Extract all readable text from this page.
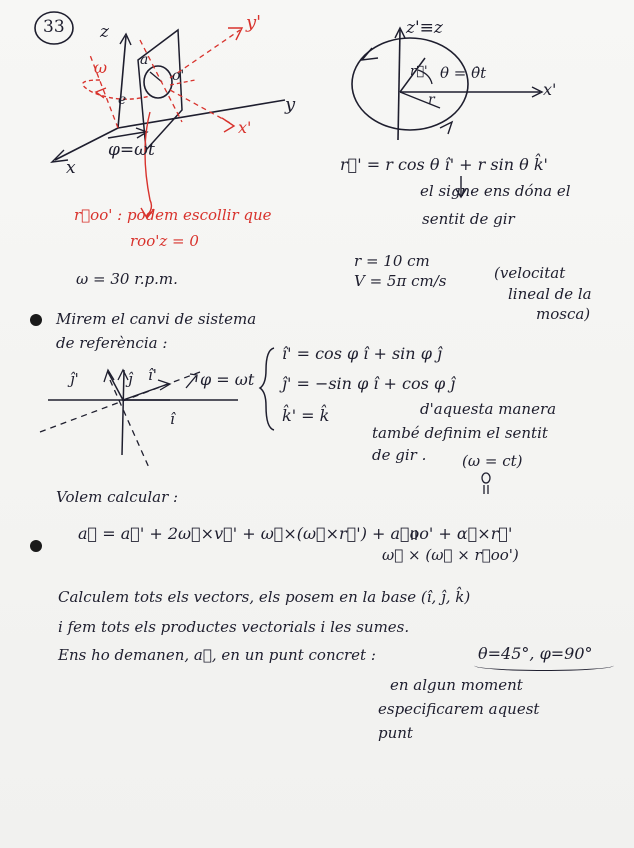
33 z
y
x
y'
x'
ω a
o'
e
φ=ωt
z'≡z
x'
r⃗' θ = θ̇t
r
r⃗' = r cos θ î' + r sin θ k̂'
r⃗oo' : podem escollir que
roo'z = 0
el signe ens dóna el
sentit de gir
ω = 30 r.p.m.
r = 10 cm
V = 5π cm/s	(velocitat
lineal de la
mosca)
Mirem el canvi de sistema
de referència :
ĵ'	ĵ î'
î
φ = ωt
î' = cos φ î + sin φ ĵ
ĵ' = −sin φ î + cos φ ĵ
k̂' = k̂	d'aquesta manera
també definim el sentit
de gir . (ω = ct)
Volem calcular :
a⃗ = a⃗' + 2ω⃗×v⃗' + ω⃗×(ω⃗×r⃗') + a⃗oo' + α⃗×r⃗'
ω⃗ × (ω⃗ × r⃗oo')
Calculem tots els vectors, els posem en la base (î, ĵ, k̂)
i fem tots els productes vectorials i les sumes.
Ens ho demanen, a⃗, en un punt concret :	θ=45°, φ=90°
en algun moment
especificarem aquest
punt
